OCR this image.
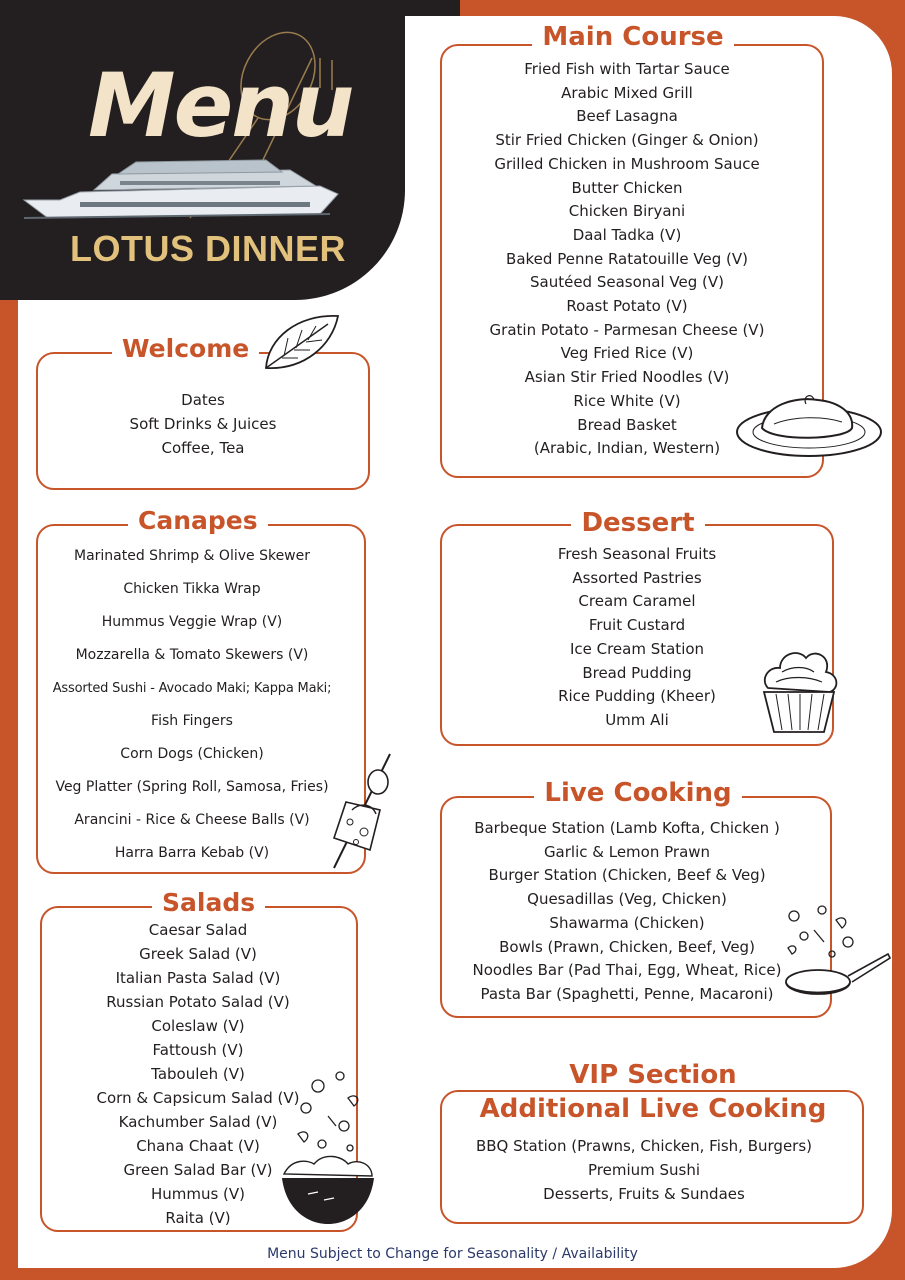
Menu
LOTUS DINNER
Welcome
Dates
Soft Drinks & Juices
Coffee, Tea
Canapes
Marinated Shrimp & Olive Skewer
Chicken Tikka Wrap
Hummus Veggie Wrap (V)
Mozzarella & Tomato Skewers (V)
Assorted Sushi - Avocado Maki; Kappa Maki;
Fish Fingers
Corn Dogs (Chicken)
Veg Platter (Spring Roll, Samosa, Fries)
Arancini - Rice & Cheese Balls (V)
Harra Barra Kebab (V)
Salads
Caesar Salad
Greek Salad (V)
Italian Pasta Salad (V)
Russian Potato Salad (V)
Coleslaw (V)
Fattoush (V)
Tabouleh (V)
Corn & Capsicum Salad (V)
Kachumber Salad (V)
Chana Chaat (V)
Green Salad Bar (V)
Hummus (V)
Raita (V)
Main Course
Fried Fish with Tartar Sauce
Arabic Mixed Grill
Beef Lasagna
Stir Fried Chicken (Ginger & Onion)
Grilled Chicken in Mushroom Sauce
Butter Chicken
Chicken Biryani
Daal Tadka (V)
Baked Penne Ratatouille Veg (V)
Sautéed Seasonal Veg (V)
Roast Potato (V)
Gratin Potato - Parmesan Cheese (V)
Veg Fried Rice (V)
Asian Stir Fried Noodles (V)
Rice White (V)
Bread Basket
(Arabic, Indian, Western)
Dessert
Fresh Seasonal Fruits
Assorted Pastries
Cream Caramel
Fruit Custard
Ice Cream Station
Bread Pudding
Rice Pudding (Kheer)
Umm Ali
Live Cooking
Barbeque Station (Lamb Kofta, Chicken )
Garlic & Lemon Prawn
Burger Station (Chicken, Beef & Veg)
Quesadillas (Veg, Chicken)
Shawarma (Chicken)
Bowls (Prawn, Chicken, Beef, Veg)
Noodles Bar (Pad Thai, Egg, Wheat, Rice)
Pasta Bar (Spaghetti, Penne, Macaroni)
VIP Section
Additional Live Cooking
BBQ Station (Prawns, Chicken, Fish, Burgers)
Premium Sushi
Desserts, Fruits & Sundaes
Menu Subject to Change for Seasonality / Availability
